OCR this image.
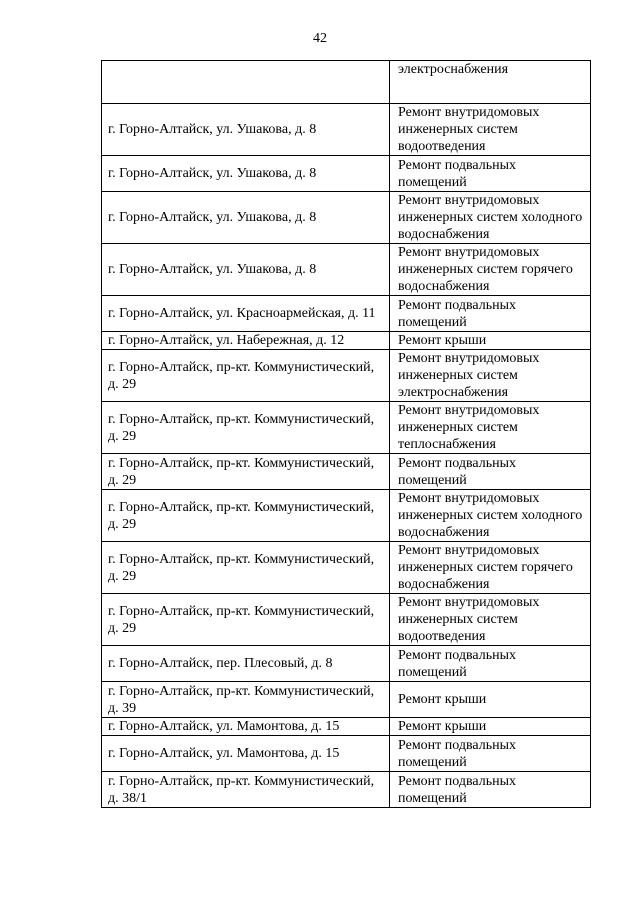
42
	электроснабжения
г. Горно-Алтайск, ул. Ушакова, д. 8	Ремонт внутридомовых инженерных систем водоотведения
г. Горно-Алтайск, ул. Ушакова, д. 8	Ремонт подвальных помещений
г. Горно-Алтайск, ул. Ушакова, д. 8	Ремонт внутридомовых инженерных систем холодного водоснабжения
г. Горно-Алтайск, ул. Ушакова, д. 8	Ремонт внутридомовых инженерных систем горячего водоснабжения
г. Горно-Алтайск, ул. Красноармейская, д. 11	Ремонт подвальных помещений
г. Горно-Алтайск, ул. Набережная, д. 12	Ремонт крыши
г. Горно-Алтайск, пр-кт. Коммунистический, д. 29	Ремонт внутридомовых инженерных систем электроснабжения
г. Горно-Алтайск, пр-кт. Коммунистический, д. 29	Ремонт внутридомовых инженерных систем теплоснабжения
г. Горно-Алтайск, пр-кт. Коммунистический, д. 29	Ремонт подвальных помещений
г. Горно-Алтайск, пр-кт. Коммунистический, д. 29	Ремонт внутридомовых инженерных систем холодного водоснабжения
г. Горно-Алтайск, пр-кт. Коммунистический, д. 29	Ремонт внутридомовых инженерных систем горячего водоснабжения
г. Горно-Алтайск, пр-кт. Коммунистический, д. 29	Ремонт внутридомовых инженерных систем водоотведения
г. Горно-Алтайск, пер. Плесовый, д. 8	Ремонт подвальных помещений
г. Горно-Алтайск, пр-кт. Коммунистический, д. 39	Ремонт крыши
г. Горно-Алтайск, ул. Мамонтова, д. 15	Ремонт крыши
г. Горно-Алтайск, ул. Мамонтова, д. 15	Ремонт подвальных помещений
г. Горно-Алтайск, пр-кт. Коммунистический, д. 38/1	Ремонт подвальных помещений
